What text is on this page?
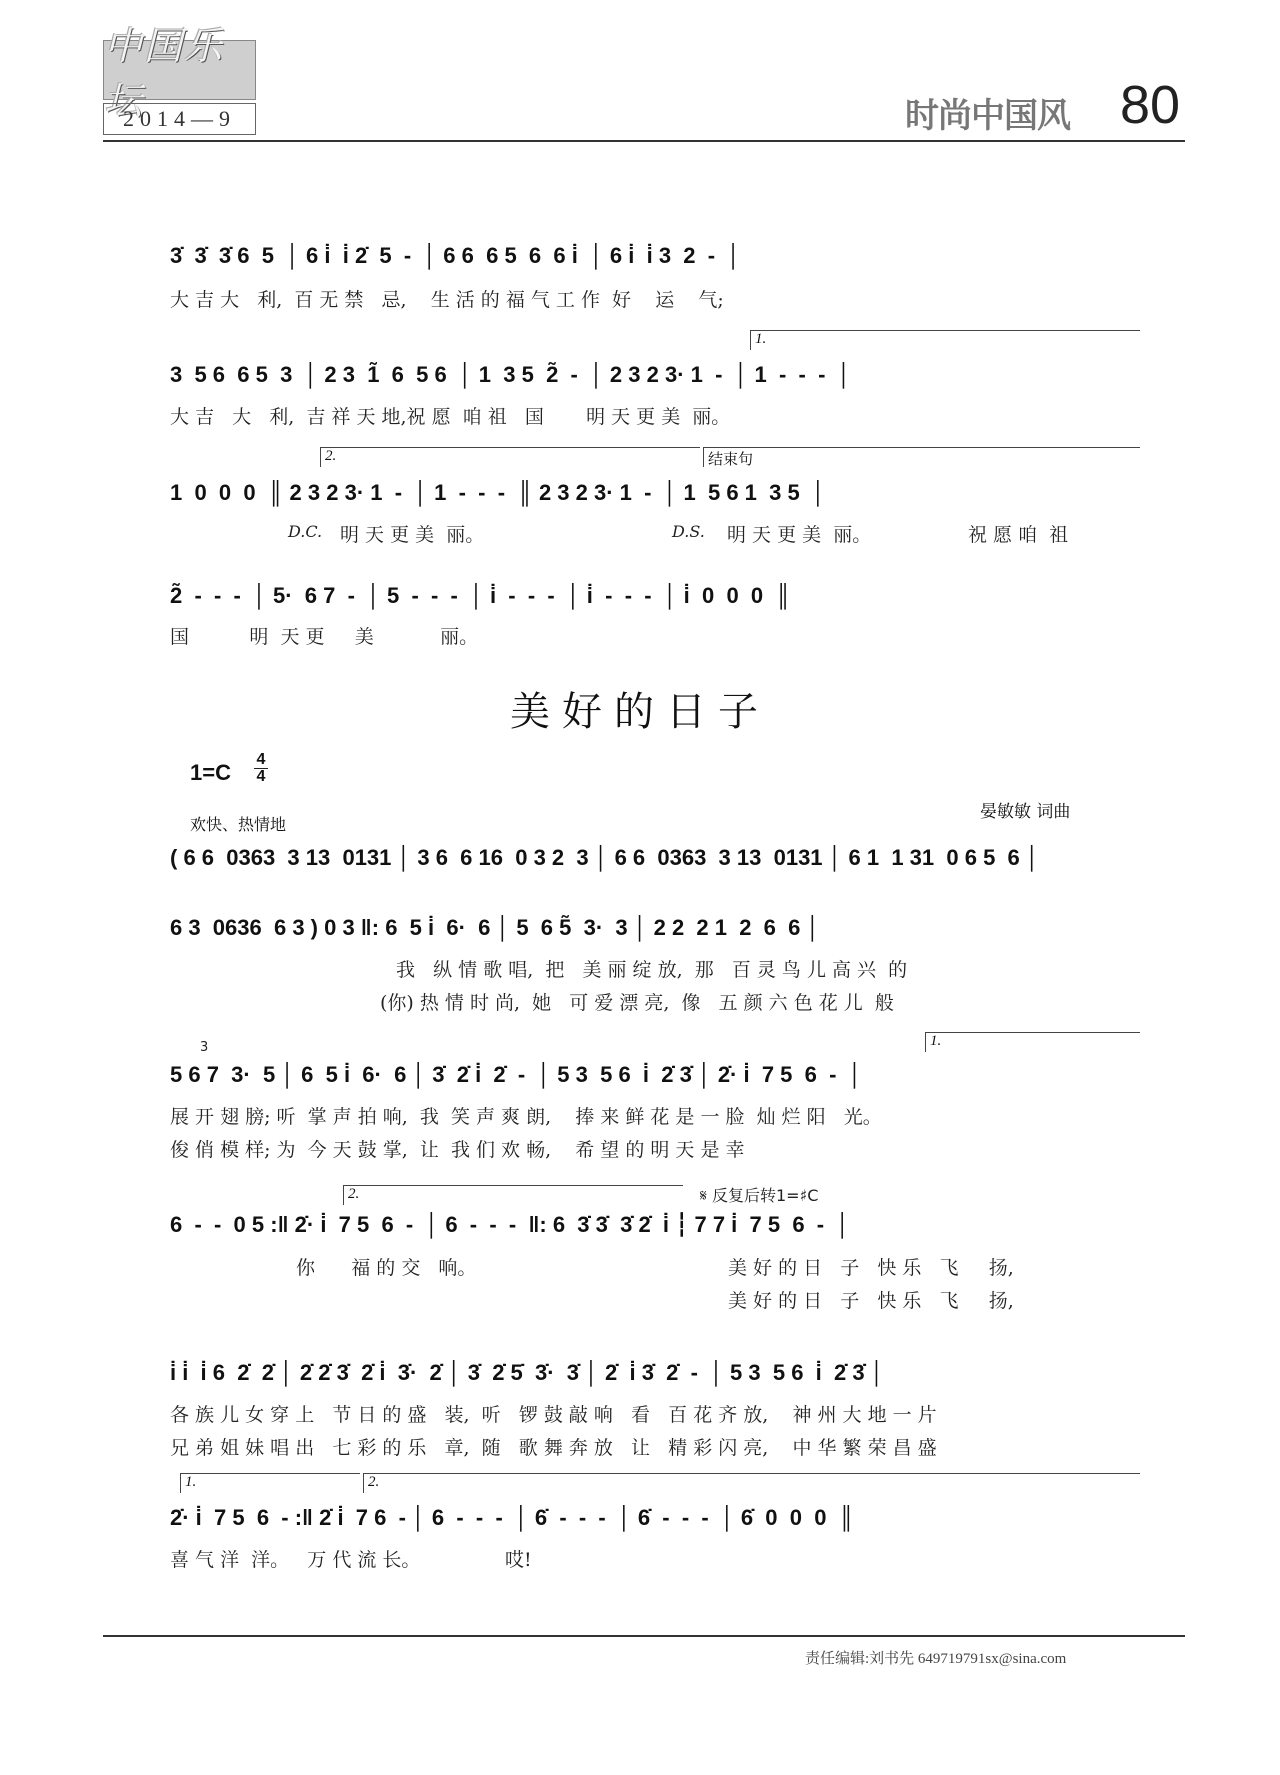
中国乐坛
2014—9	时尚中国风 80
3̇  3̇  3̇ 6  5  │ 6 i̇  i̇ 2̇  5  -  │ 6 6  6 5  6  6 i̇  │ 6 i̇  i̇ 3  2  -  │
大 吉 大   利,  百 无 禁   忌,    生 活 的 福 气 工 作  好    运    气;
1.
3  5 6  6 5  3  │ 2 3  1̃  6  5 6  │ 1  3 5  2̃  -  │ 2 3 2 3· 1  -  │ 1  -  -  -  │
大 吉   大   利,  吉 祥 天 地,祝 愿  咱 祖   国       明 天 更 美  丽。
2.	结束句
1  0  0  0  ║ 2 3 2 3· 1  -  │ 1  -  -  -  ║ 2 3 2 3· 1  -  │ 1  5 6 1  3 5  │
D.C. 明 天 更 美  丽。	D.S. 明 天 更 美  丽。	祝 愿 咱  祖
2̃  -  -  -  │ 5·  6 7  -  │ 5  -  -  -  │ i̇  -  -  -  │ i̇  -  -  -  │ i̇  0  0  0  ║
国          明  天 更     美           丽。
美好的日子
1=C
4
4
欢快、热情地
晏敏敏 词曲
( 6 6  0363  3 13  0131 │ 3 6  6 16  0 3 2  3 │ 6 6  0363  3 13  0131 │ 6 1  1 31  0 6 5  6 │
6 3  0636  6 3 ) 0 3 ‖: 6  5 i̇  6·  6 │ 5  6 5̃  3·  3 │ 2 2  2 1  2  6  6 │
我   纵 情 歌 唱,  把   美 丽 绽 放,  那   百 灵 鸟 儿 高 兴  的
(你) 热 情 时 尚,  她   可 爱 漂 亮,  像   五 颜 六 色 花 儿  般
3	1.
5 6 7  3·  5 │ 6  5 i̇  6·  6 │ 3̇  2̇ i̇  2̇  -  │ 5 3  5 6  i̇  2̇ 3̇ │ 2̇· i̇  7 5  6  -  │
展 开 翅 膀; 听  掌 声 拍 响,  我  笑 声 爽 朗,    捧 来 鲜 花 是 一 脸  灿 烂 阳   光。
俊 俏 模 样; 为  今 天 鼓 掌,  让  我 们 欢 畅,    希 望 的 明 天 是 幸
2.	𝄋 反复后转1=♯C
6  -  -  0 5 :‖ 2̇· i̇  7 5  6  -  │ 6  -  -  -  ‖: 6  3̇ 3̇  3̇ 2̇  i̇ ┆ 7 7 i̇  7 5  6  -  │
你      福 的 交   响。	美 好 的 日   子   快 乐   飞     扬,
美 好 的 日   子   快 乐   飞     扬,
i̇ i̇  i̇ 6  2̇  2̇ │ 2̇ 2̇ 3̇  2̇ i̇  3̇·  2̇ │ 3̇  2̇ 5̇  3̇·  3̇ │ 2̇  i̇ 3̇  2̇  -  │ 5 3  5 6  i̇  2̇ 3̇ │
各 族 儿 女 穿 上   节 日 的 盛   装,  听   锣 鼓 敲 响   看   百 花 齐 放,    神 州 大 地 一 片
兄 弟 姐 妹 唱 出   七 彩 的 乐   章,  随   歌 舞 奔 放   让   精 彩 闪 亮,    中 华 繁 荣 昌 盛
1.	2.
2̇· i̇  7 5  6  - :‖ 2̇ i̇  7 6  - │ 6  -  -  -  │ 6̇  -  -  -  │ 6̇  -  -  -  │ 6̇  0  0  0  ║
喜 气 洋  洋。   万 代 流 长。              哎!
责任编辑:刘书先 649719791sx@sina.com
